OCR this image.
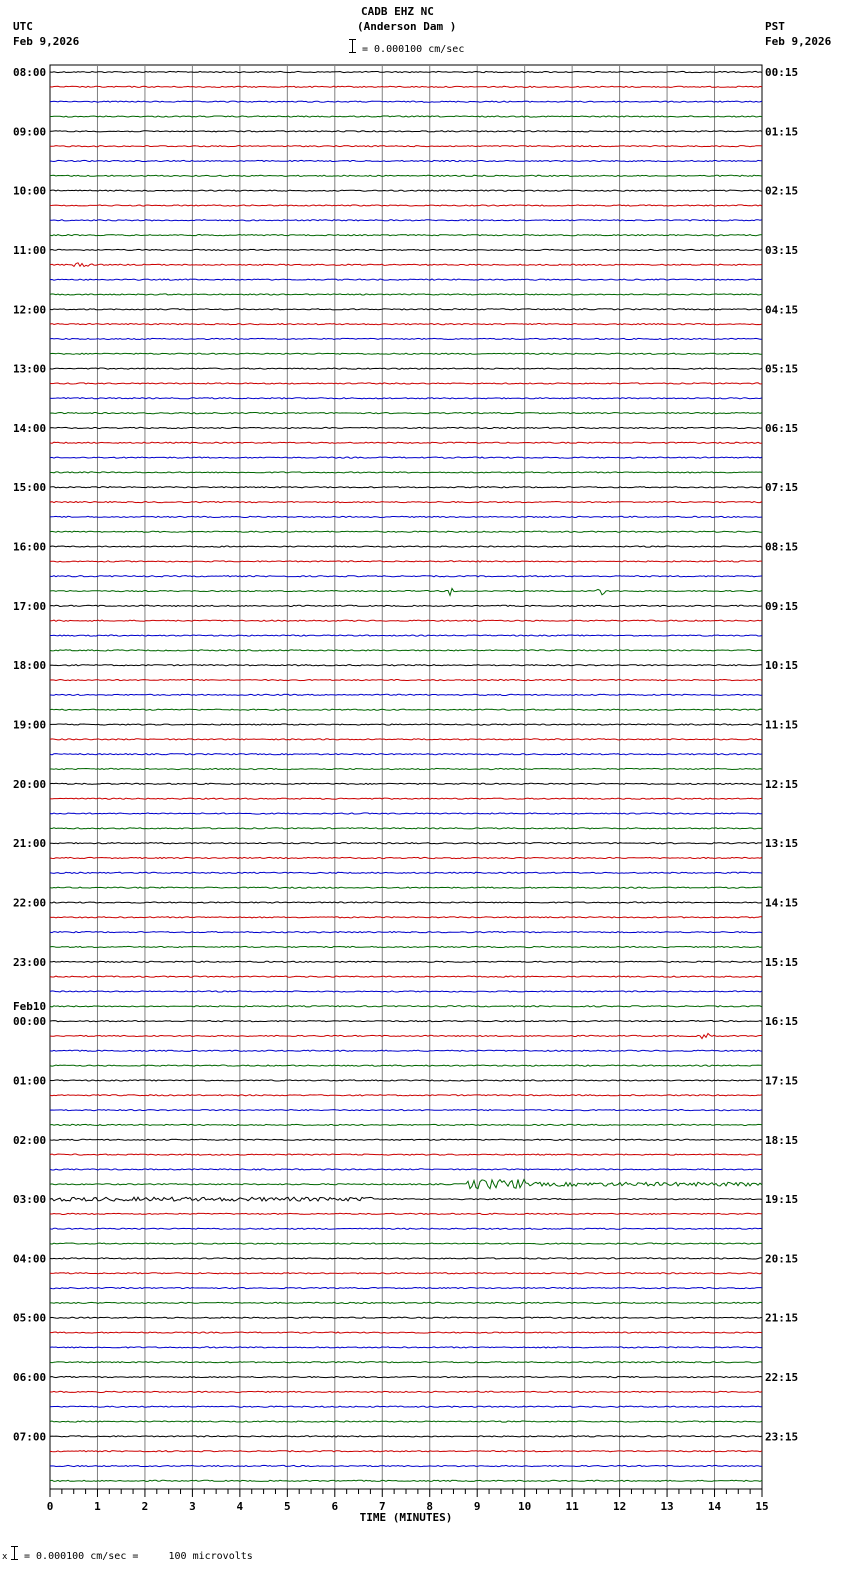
08:00
09:00
10:00
11:00
12:00
13:00
14:00
15:00
16:00
17:00
18:00
19:00
20:00
21:00
22:00
23:00
Feb10
00:00
01:00
02:00
03:00
04:00
05:00
06:00
07:00
00:15
01:15
02:15
03:15
04:15
05:15
06:15
07:15
08:15
09:15
10:15
11:15
12:15
13:15
14:15
15:15
16:15
17:15
18:15
19:15
20:15
21:15
22:15
23:15
0	1	2	3	4	5	6	7	8	9	10	11	12	13	14	15
TIME (MINUTES)
CADB EHZ NC
(Anderson Dam )
= 0.000100 cm/sec
UTC
Feb 9,2026
PST
Feb 9,2026
x = 0.000100 cm/sec =     100 microvolts
